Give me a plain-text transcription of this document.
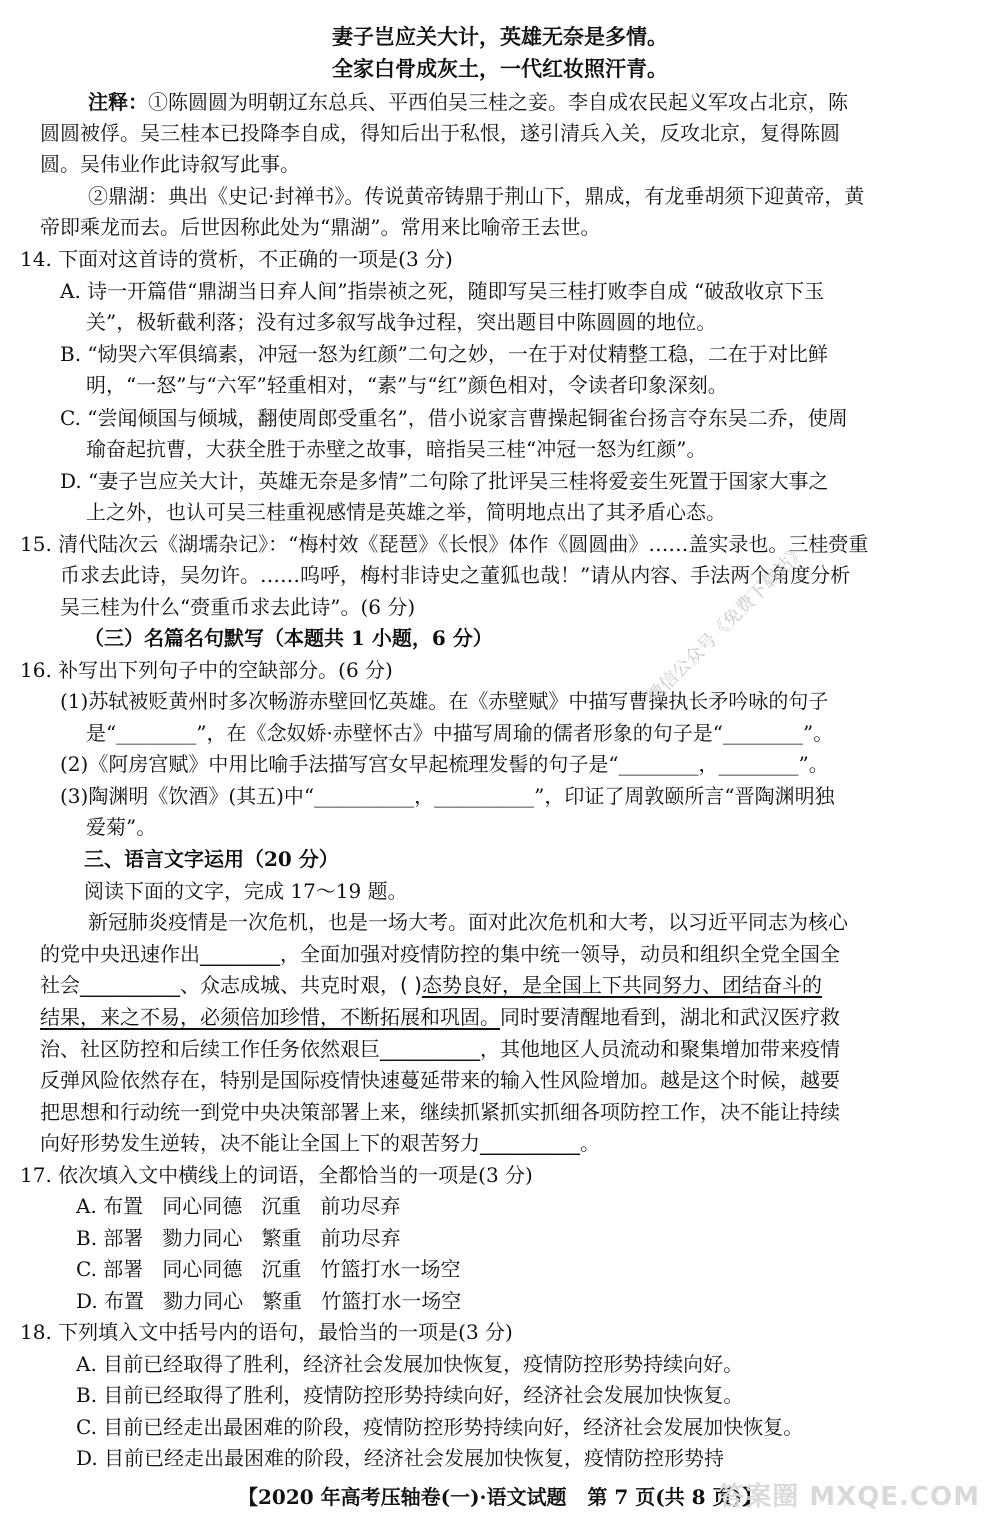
妻子岂应关大计，英雄无奈是多情。
全家白骨成灰土，一代红妆照汗青。
注释：①陈圆圆为明朝辽东总兵、平西伯吴三桂之妾。李自成农民起义军攻占北京，陈
圆圆被俘。吴三桂本已投降李自成，得知后出于私恨，遂引清兵入关，反攻北京，复得陈圆
圆。吴伟业作此诗叙写此事。
②鼎湖：典出《史记·封禅书》。传说黄帝铸鼎于荆山下，鼎成，有龙垂胡须下迎黄帝，黄
帝即乘龙而去。后世因称此处为“鼎湖”。常用来比喻帝王去世。
14. 下面对这首诗的赏析，不正确的一项是(3 分)
A. 诗一开篇借“鼎湖当日弃人间”指崇祯之死，随即写吴三桂打败李自成 “破敌收京下玉
关”，极斩截利落；没有过多叙写战争过程，突出题目中陈圆圆的地位。
B. “恸哭六军俱缟素，冲冠一怒为红颜”二句之妙，一在于对仗精整工稳，二在于对比鲜
明，“一怒”与“六军”轻重相对，“素”与“红”颜色相对，令读者印象深刻。
C. “尝闻倾国与倾城，翻使周郎受重名”，借小说家言曹操起铜雀台扬言夺东吴二乔，使周
瑜奋起抗曹，大获全胜于赤壁之故事，暗指吴三桂“冲冠一怒为红颜”。
D. “妻子岂应关大计，英雄无奈是多情”二句除了批评吴三桂将爱妾生死置于国家大事之
上之外，也认可吴三桂重视感情是英雄之举，简明地点出了其矛盾心态。
15. 清代陆次云《湖壖杂记》：“梅村效《琵琶》《长恨》体作《圆圆曲》……盖实录也。三桂赍重
币求去此诗，吴勿许。……呜呼，梅村非诗史之董狐也哉！”请从内容、手法两个角度分析
吴三桂为什么“赍重币求去此诗”。(6 分)
（三）名篇名句默写（本题共 1 小题，6 分）
16. 补写出下列句子中的空缺部分。(6 分)
(1)苏轼被贬黄州时多次畅游赤壁回忆英雄。在《赤壁赋》中描写曹操执长矛吟咏的句子
是“________”，在《念奴娇·赤壁怀古》中描写周瑜的儒者形象的句子是“________”。
(2)《阿房宫赋》中用比喻手法描写宫女早起梳理发髻的句子是“________，________”。
(3)陶渊明《饮酒》(其五)中“__________，__________”，印证了周敦颐所言“晋陶渊明独
爱菊”。
三、语言文字运用（20 分）
阅读下面的文字，完成 17～19 题。
新冠肺炎疫情是一次危机，也是一场大考。面对此次危机和大考，以习近平同志为核心
的党中央迅速作出________，全面加强对疫情防控的集中统一领导，动员和组织全党全国全
社会__________、众志成城、共克时艰，( )态势良好，是全国上下共同努力、团结奋斗的
结果，来之不易，必须倍加珍惜，不断拓展和巩固。同时要清醒地看到，湖北和武汉医疗救
治、社区防控和后续工作任务依然艰巨__________，其他地区人员流动和聚集增加带来疫情
反弹风险依然存在，特别是国际疫情快速蔓延带来的输入性风险增加。越是这个时候，越要
把思想和行动统一到党中央决策部署上来，继续抓紧抓实抓细各项防控工作，决不能让持续
向好形势发生逆转，决不能让全国上下的艰苦努力__________。
17. 依次填入文中横线上的词语，全都恰当的一项是(3 分)
A. 布置   同心同德   沉重   前功尽弃
B. 部署   勠力同心   繁重   前功尽弃
C. 部署   同心同德   沉重   竹篮打水一场空
D. 布置   勠力同心   繁重   竹篮打水一场空
18. 下列填入文中括号内的语句，最恰当的一项是(3 分)
A. 目前已经取得了胜利，经济社会发展加快恢复，疫情防控形势持续向好。
B. 目前已经取得了胜利，疫情防控形势持续向好，经济社会发展加快恢复。
C. 目前已经走出最困难的阶段，疫情防控形势持续向好，经济社会发展加快恢复。
D. 目前已经走出最困难的阶段，经济社会发展加快恢复，疫情防控形势持
【2020 年高考压轴卷(一)·语文试题   第 7 页(共 8 页)】
微信公众号《免费下载站》
答案圈 MXQE.COM
